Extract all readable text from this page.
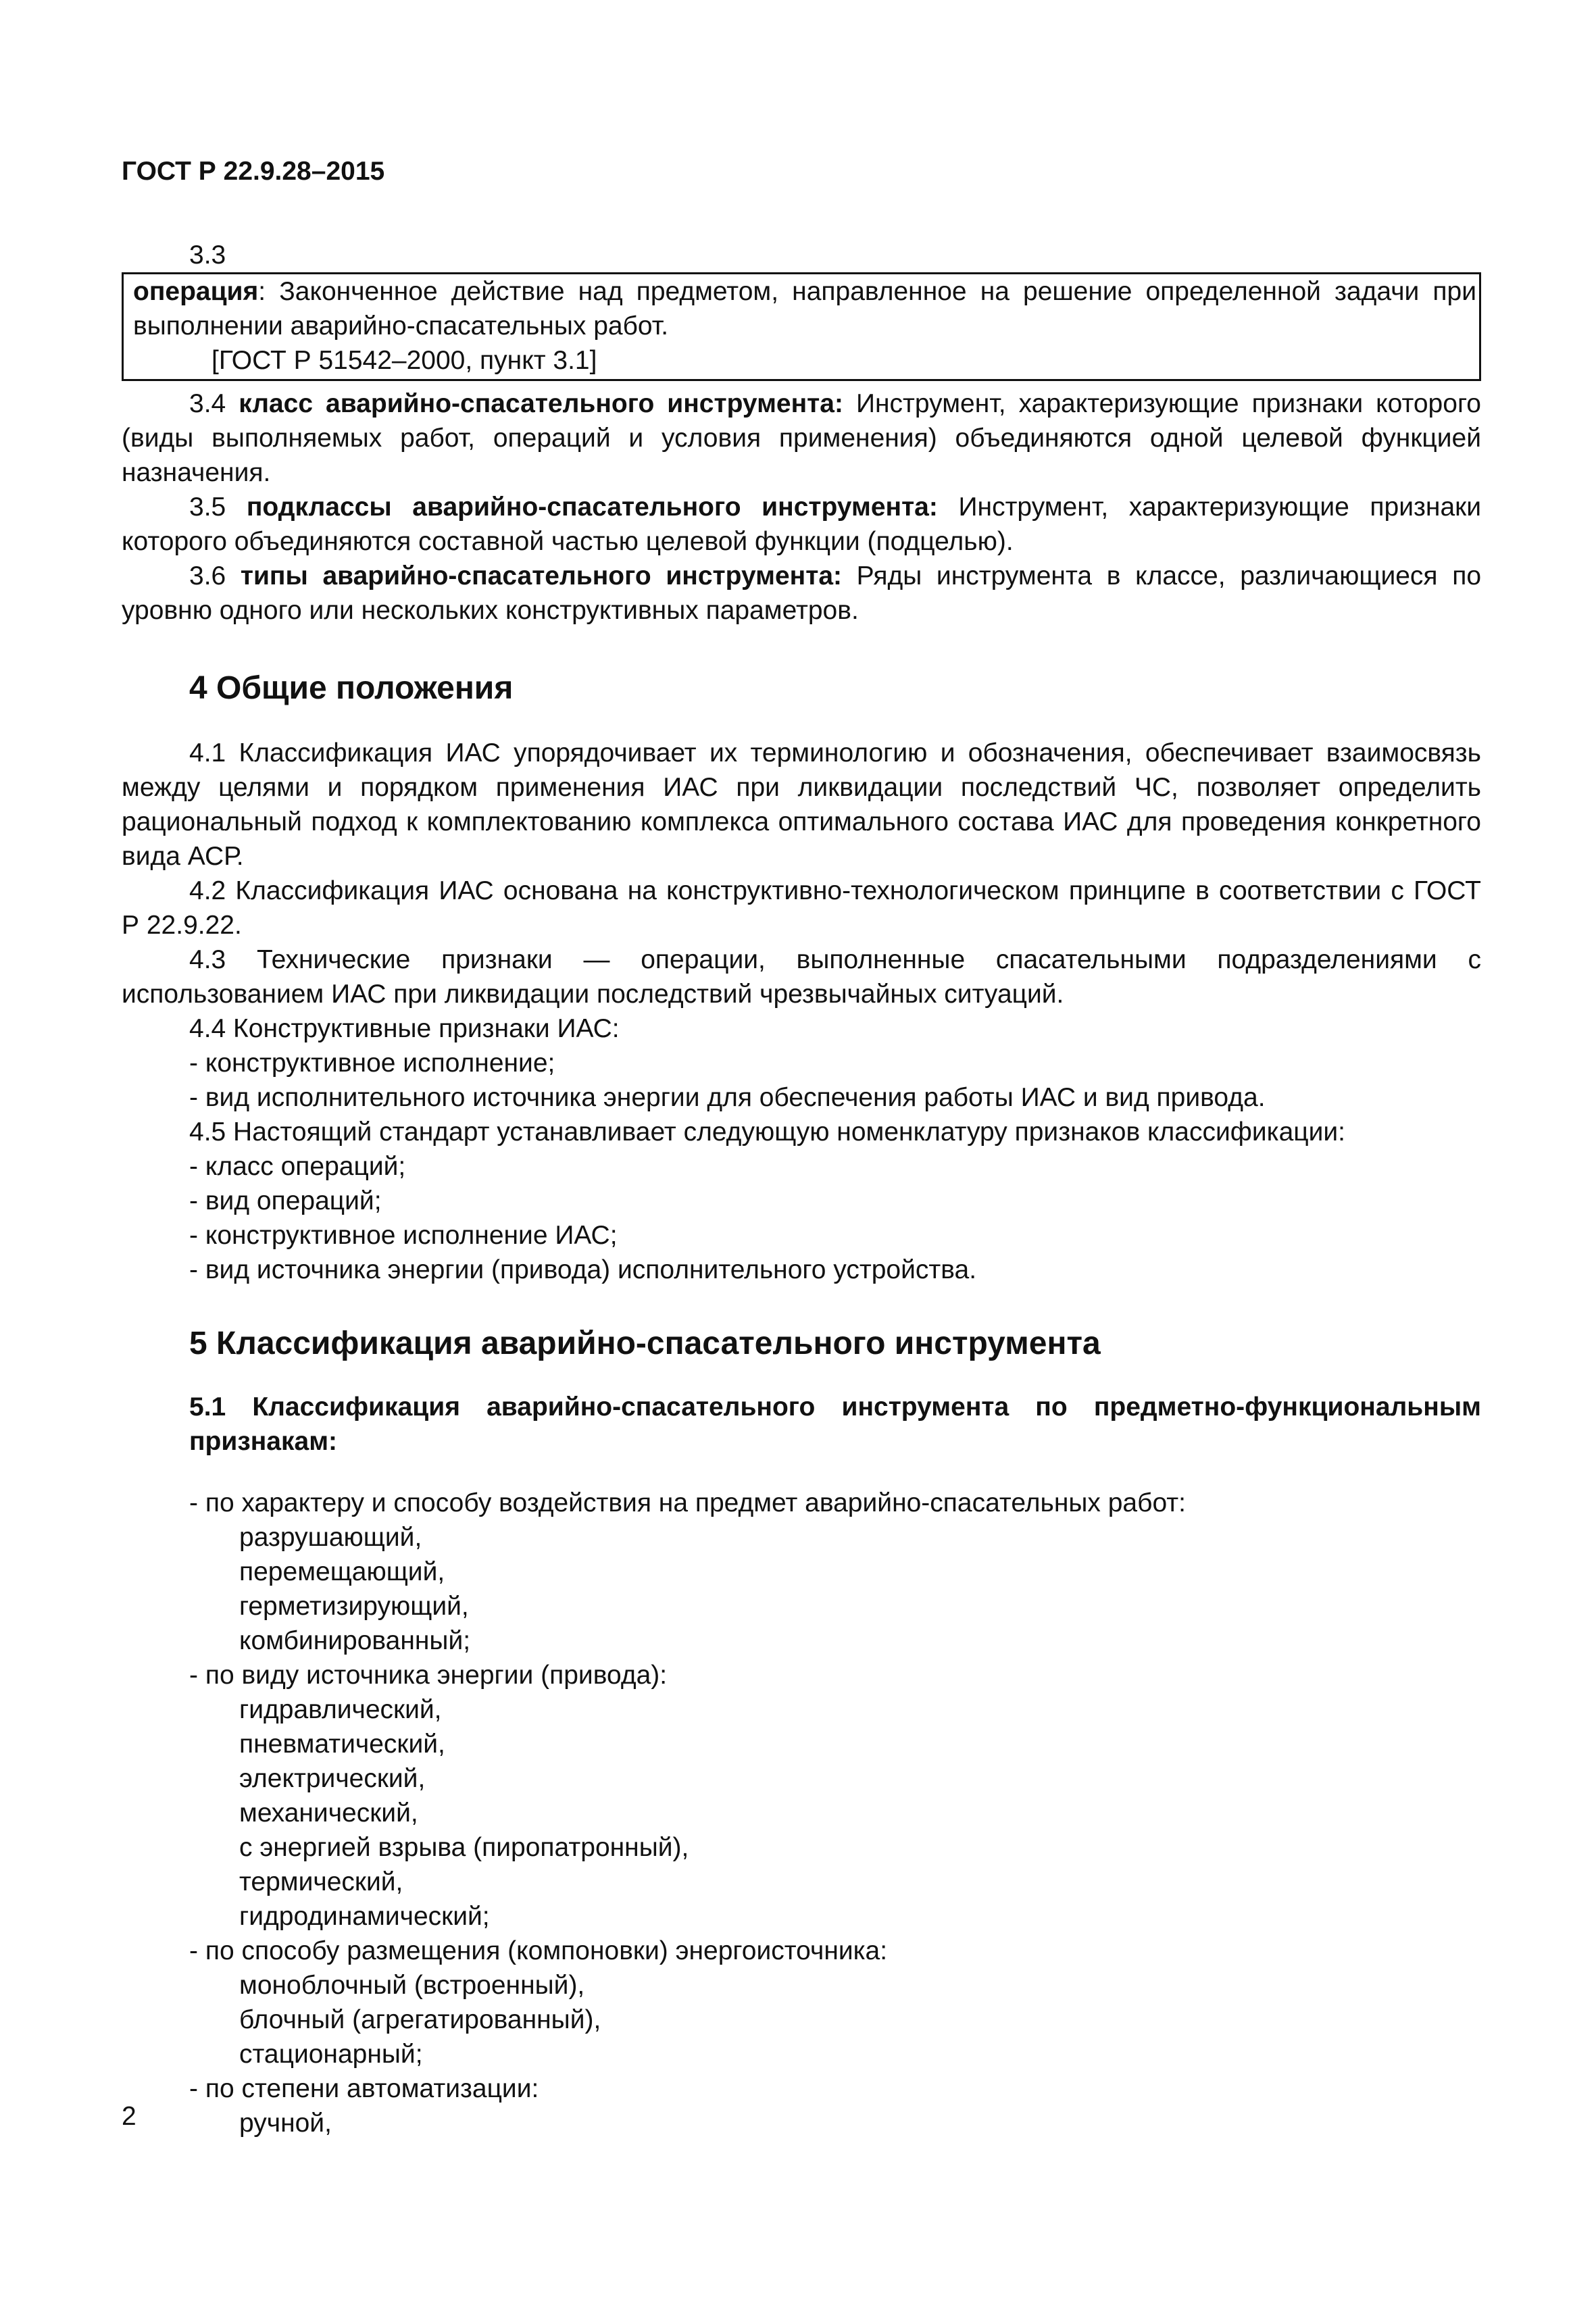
ГОСТ Р 22.9.28–2015

3.3

операция: Законченное действие над предметом, направленное на решение определенной задачи при выполнении аварийно-спасательных работ.

[ГОСТ Р 51542–2000, пункт 3.1]

3.4 класс аварийно-спасательного инструмента: Инструмент, характеризующие признаки которого (виды выполняемых работ, операций и условия применения) объединяются одной целевой функцией назначения.

3.5 подклассы аварийно-спасательного инструмента: Инструмент, характеризующие признаки которого объединяются составной частью целевой функции (подцелью).

3.6 типы аварийно-спасательного инструмента: Ряды инструмента в классе, различающиеся по уровню одного или нескольких конструктивных параметров.

4 Общие положения

4.1 Классификация ИАС упорядочивает их терминологию и обозначения, обеспечивает взаимосвязь между целями и порядком применения ИАС при ликвидации последствий ЧС, позволяет определить рациональный подход к комплектованию комплекса оптимального состава ИАС для проведения конкретного вида АСР.

4.2 Классификация ИАС основана на конструктивно-технологическом принципе в соответствии с ГОСТ Р 22.9.22.

4.3 Технические признаки — операции, выполненные спасательными подразделениями с использованием ИАС при ликвидации последствий чрезвычайных ситуаций.

4.4 Конструктивные признаки ИАС:

- конструктивное исполнение;

- вид исполнительного источника энергии для обеспечения работы ИАС и вид привода.

4.5 Настоящий стандарт устанавливает следующую номенклатуру признаков классификации:

- класс операций;

- вид операций;

- конструктивное исполнение ИАС;

- вид источника энергии (привода) исполнительного устройства.

5 Классификация аварийно-спасательного инструмента
5.1 Классификация аварийно-спасательного инструмента по предметно-функциональным признакам:

- по характеру и способу воздействия на предмет аварийно-спасательных работ:

разрушающий,

перемещающий,

герметизирующий,

комбинированный;

- по виду источника энергии (привода):

гидравлический,

пневматический,

электрический,

механический,

с энергией взрыва (пиропатронный),

термический,

гидродинамический;

- по способу размещения (компоновки) энергоисточника:

моноблочный (встроенный),

блочный (агрегатированный),

стационарный;

- по степени автоматизации:

ручной,

2
